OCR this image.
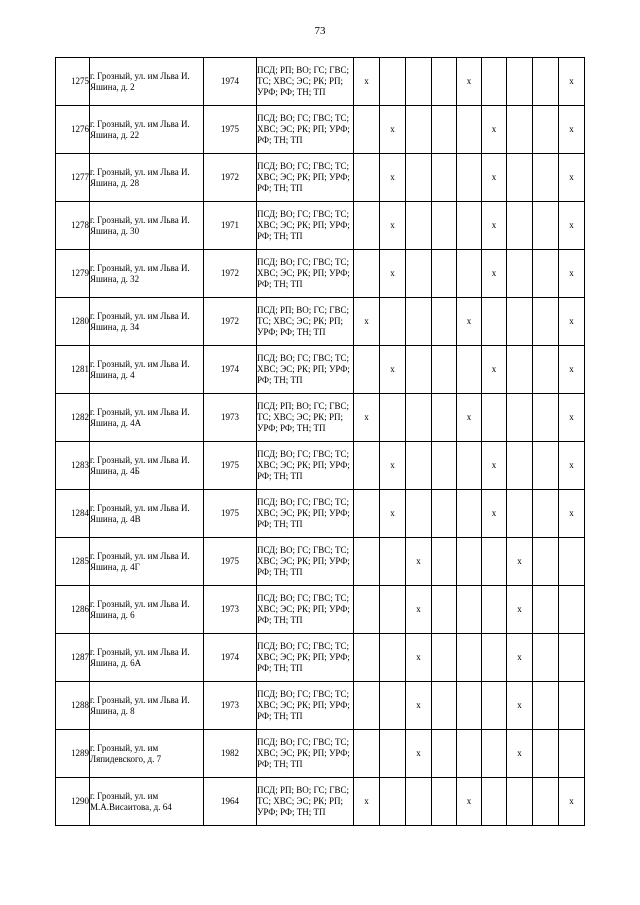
73
1275	г. Грозный, ул. им Льва И. Яшина, д. 2	1974	ПСД; РП; ВО; ГС; ГВС; ТС; ХВС; ЭС; РК; РП; УРФ; РФ; ТН; ТП	х				х				х
1276	г. Грозный, ул. им Льва И. Яшина, д. 22	1975	ПСД; ВО; ГС; ГВС; ТС; ХВС; ЭС; РК; РП; УРФ; РФ; ТН; ТП		х				х			х
1277	г. Грозный, ул. им Льва И. Яшина, д. 28	1972	ПСД; ВО; ГС; ГВС; ТС; ХВС; ЭС; РК; РП; УРФ; РФ; ТН; ТП		х				х			х
1278	г. Грозный, ул. им Льва И. Яшина, д. 30	1971	ПСД; ВО; ГС; ГВС; ТС; ХВС; ЭС; РК; РП; УРФ; РФ; ТН; ТП		х				х			х
1279	г. Грозный, ул. им Льва И. Яшина, д. 32	1972	ПСД; ВО; ГС; ГВС; ТС; ХВС; ЭС; РК; РП; УРФ; РФ; ТН; ТП		х				х			х
1280	г. Грозный, ул. им Льва И. Яшина, д. 34	1972	ПСД; РП; ВО; ГС; ГВС; ТС; ХВС; ЭС; РК; РП; УРФ; РФ; ТН; ТП	х				х				х
1281	г. Грозный, ул. им Льва И. Яшина, д. 4	1974	ПСД; ВО; ГС; ГВС; ТС; ХВС; ЭС; РК; РП; УРФ; РФ; ТН; ТП		х				х			х
1282	г. Грозный, ул. им Льва И. Яшина, д. 4А	1973	ПСД; РП; ВО; ГС; ГВС; ТС; ХВС; ЭС; РК; РП; УРФ; РФ; ТН; ТП	х				х				х
1283	г. Грозный, ул. им Льва И. Яшина, д. 4Б	1975	ПСД; ВО; ГС; ГВС; ТС; ХВС; ЭС; РК; РП; УРФ; РФ; ТН; ТП		х				х			х
1284	г. Грозный, ул. им Льва И. Яшина, д. 4В	1975	ПСД; ВО; ГС; ГВС; ТС; ХВС; ЭС; РК; РП; УРФ; РФ; ТН; ТП		х				х			х
1285	г. Грозный, ул. им Льва И. Яшина, д. 4Г	1975	ПСД; ВО; ГС; ГВС; ТС; ХВС; ЭС; РК; РП; УРФ; РФ; ТН; ТП			х				х		
1286	г. Грозный, ул. им Льва И. Яшина, д. 6	1973	ПСД; ВО; ГС; ГВС; ТС; ХВС; ЭС; РК; РП; УРФ; РФ; ТН; ТП			х				х		
1287	г. Грозный, ул. им Льва И. Яшина, д. 6А	1974	ПСД; ВО; ГС; ГВС; ТС; ХВС; ЭС; РК; РП; УРФ; РФ; ТН; ТП			х				х		
1288	г. Грозный, ул. им Льва И. Яшина, д. 8	1973	ПСД; ВО; ГС; ГВС; ТС; ХВС; ЭС; РК; РП; УРФ; РФ; ТН; ТП			х				х		
1289	г. Грозный, ул. им Ляпидевского, д. 7	1982	ПСД; ВО; ГС; ГВС; ТС; ХВС; ЭС; РК; РП; УРФ; РФ; ТН; ТП			х				х		
1290	г. Грозный, ул. им М.А.Висаитова, д. 64	1964	ПСД; РП; ВО; ГС; ГВС; ТС; ХВС; ЭС; РК; РП; УРФ; РФ; ТН; ТП	х				х				х
